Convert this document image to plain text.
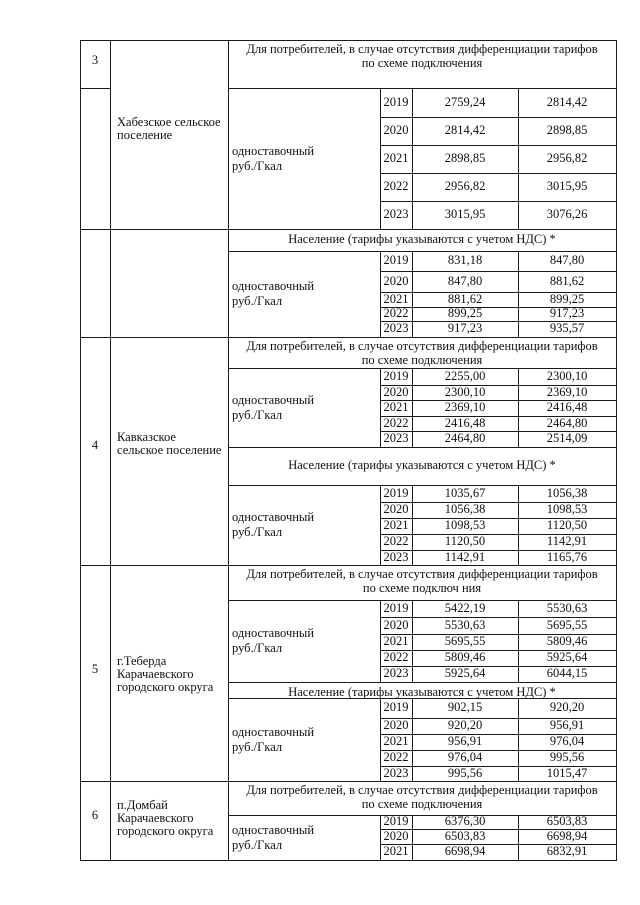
3
Хабезское сельское поселение
Для потребителей, в случае отсутствия дифференциации тарифов
по схеме подключения
одноставочный
руб./Гкал
2019	2759,24	2814,42
2020	2814,42	2898,85
2021	2898,85	2956,82
2022	2956,82	3015,95
2023	3015,95	3076,26
Население (тарифы указываются с учетом НДС) *
одноставочный
руб./Гкал
2019	831,18	847,80
2020	847,80	881,62
2021	881,62	899,25
2022	899,25	917,23
2023	917,23	935,57
4
Кавказское сельское поселение
Для потребителей, в случае отсутствия дифференциации тарифов
по схеме подключения
одноставочный
руб./Гкал
2019	2255,00	2300,10
2020	2300,10	2369,10
2021	2369,10	2416,48
2022	2416,48	2464,80
2023	2464,80	2514,09
Население (тарифы указываются с учетом НДС) *
одноставочный
руб./Гкал
2019	1035,67	1056,38
2020	1056,38	1098,53
2021	1098,53	1120,50
2022	1120,50	1142,91
2023	1142,91	1165,76
5
г.Теберда Карачаевского городского округа
Для потребителей, в случае отсутствия дифференциации тарифов
по схеме подключ ния
одноставочный
руб./Гкал
2019	5422,19	5530,63
2020	5530,63	5695,55
2021	5695,55	5809,46
2022	5809,46	5925,64
2023	5925,64	6044,15
Население (тарифы указываются с учетом НДС) *
одноставочный
руб./Гкал
2019	902,15	920,20
2020	920,20	956,91
2021	956,91	976,04
2022	976,04	995,56
2023	995,56	1015,47
6
п.Домбай Карачаевского городского округа
Для потребителей, в случае отсутствия дифференциации тарифов
по схеме подключения
одноставочный
руб./Гкал
2019	6376,30	6503,83
2020	6503,83	6698,94
2021	6698,94	6832,91
